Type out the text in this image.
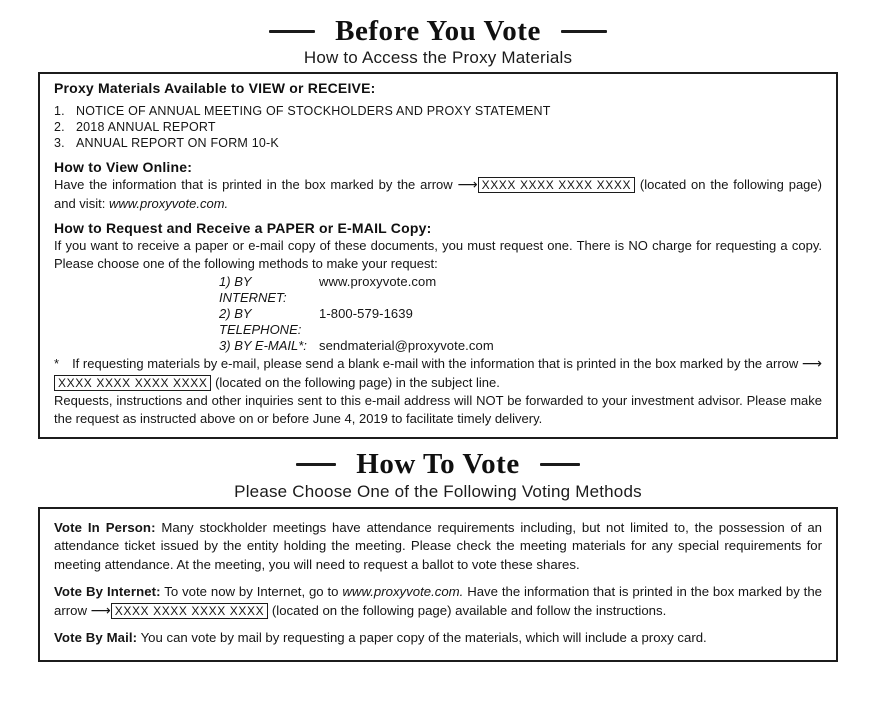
Before You Vote
How to Access the Proxy Materials
Proxy Materials Available to VIEW or RECEIVE:
1. NOTICE OF ANNUAL MEETING OF STOCKHOLDERS AND PROXY STATEMENT
2. 2018 ANNUAL REPORT
3. ANNUAL REPORT ON FORM 10-K
How to View Online:

Have the information that is printed in the box marked by the arrow ⟶ XXXX XXXX XXXX XXXX (located on the following page) and visit: www.proxyvote.com.

How to Request and Receive a PAPER or E-MAIL Copy:

If you want to receive a paper or e-mail copy of these documents, you must request one. There is NO charge for requesting a copy. Please choose one of the following methods to make your request:

1) BY INTERNET:
www.proxyvote.com
2) BY TELEPHONE:
1-800-579-1639
3) BY E-MAIL*: sendmaterial@proxyvote.com

* If requesting materials by e-mail, please send a blank e-mail with the information that is printed in the box marked by the arrow ⟶XXXX XXXX XXXX XXXX (located on the following page) in the subject line.

Requests, instructions and other inquiries sent to this e-mail address will NOT be forwarded to your investment advisor. Please make the request as instructed above on or before June 4, 2019 to facilitate timely delivery.

How To Vote
Please Choose One of the Following Voting Methods

Vote In Person: Many stockholder meetings have attendance requirements including, but not limited to, the possession of an attendance ticket issued by the entity holding the meeting. Please check the meeting materials for any special requirements for meeting attendance. At the meeting, you will need to request a ballot to vote these shares.

Vote By Internet: To vote now by Internet, go to www.proxyvote.com. Have the information that is printed in the box marked by the arrow ⟶ XXXX XXXX XXXX XXXX (located on the following page) available and follow the instructions.

Vote By Mail: You can vote by mail by requesting a paper copy of the materials, which will include a proxy card.
